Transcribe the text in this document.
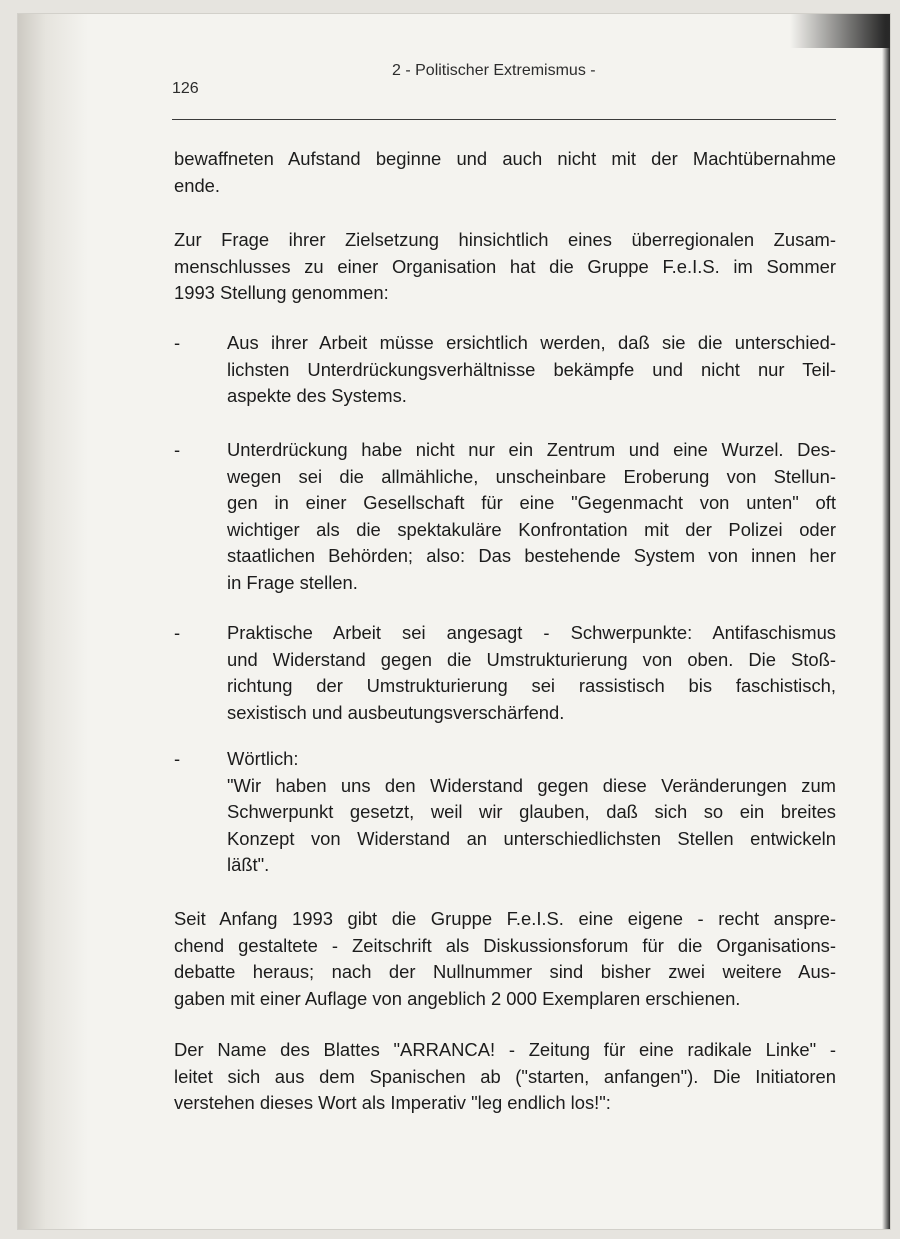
2 - Politischer Extremismus -
126
bewaffneten Aufstand beginne und auch nicht mit der Machtübernahme
ende.
Zur Frage ihrer Zielsetzung hinsichtlich eines überregionalen Zusam-
menschlusses zu einer Organisation hat die Gruppe F.e.I.S. im Sommer
1993 Stellung genommen:
-	Aus ihrer Arbeit müsse ersichtlich werden, daß sie die unterschied-
lichsten Unterdrückungsverhältnisse bekämpfe und nicht nur Teil-
aspekte des Systems.
-	Unterdrückung habe nicht nur ein Zentrum und eine Wurzel. Des-
wegen sei die allmähliche, unscheinbare Eroberung von Stellun-
gen in einer Gesellschaft für eine "Gegenmacht von unten" oft
wichtiger als die spektakuläre Konfrontation mit der Polizei oder
staatlichen Behörden; also: Das bestehende System von innen her
in Frage stellen.
-	Praktische Arbeit sei angesagt - Schwerpunkte: Antifaschismus
und Widerstand gegen die Umstrukturierung von oben. Die Stoß-
richtung der Umstrukturierung sei rassistisch bis faschistisch,
sexistisch und ausbeutungsverschärfend.
-	Wörtlich:
"Wir haben uns den Widerstand gegen diese Veränderungen zum
Schwerpunkt gesetzt, weil wir glauben, daß sich so ein breites
Konzept von Widerstand an unterschiedlichsten Stellen entwickeln
läßt".
Seit Anfang 1993 gibt die Gruppe F.e.I.S. eine eigene - recht anspre-
chend gestaltete - Zeitschrift als Diskussionsforum für die Organisations-
debatte heraus; nach der Nullnummer sind bisher zwei weitere Aus-
gaben mit einer Auflage von angeblich 2 000 Exemplaren erschienen.
Der Name des Blattes "ARRANCA! - Zeitung für eine radikale Linke" -
leitet sich aus dem Spanischen ab ("starten, anfangen"). Die Initiatoren
verstehen dieses Wort als Imperativ "leg endlich los!":
